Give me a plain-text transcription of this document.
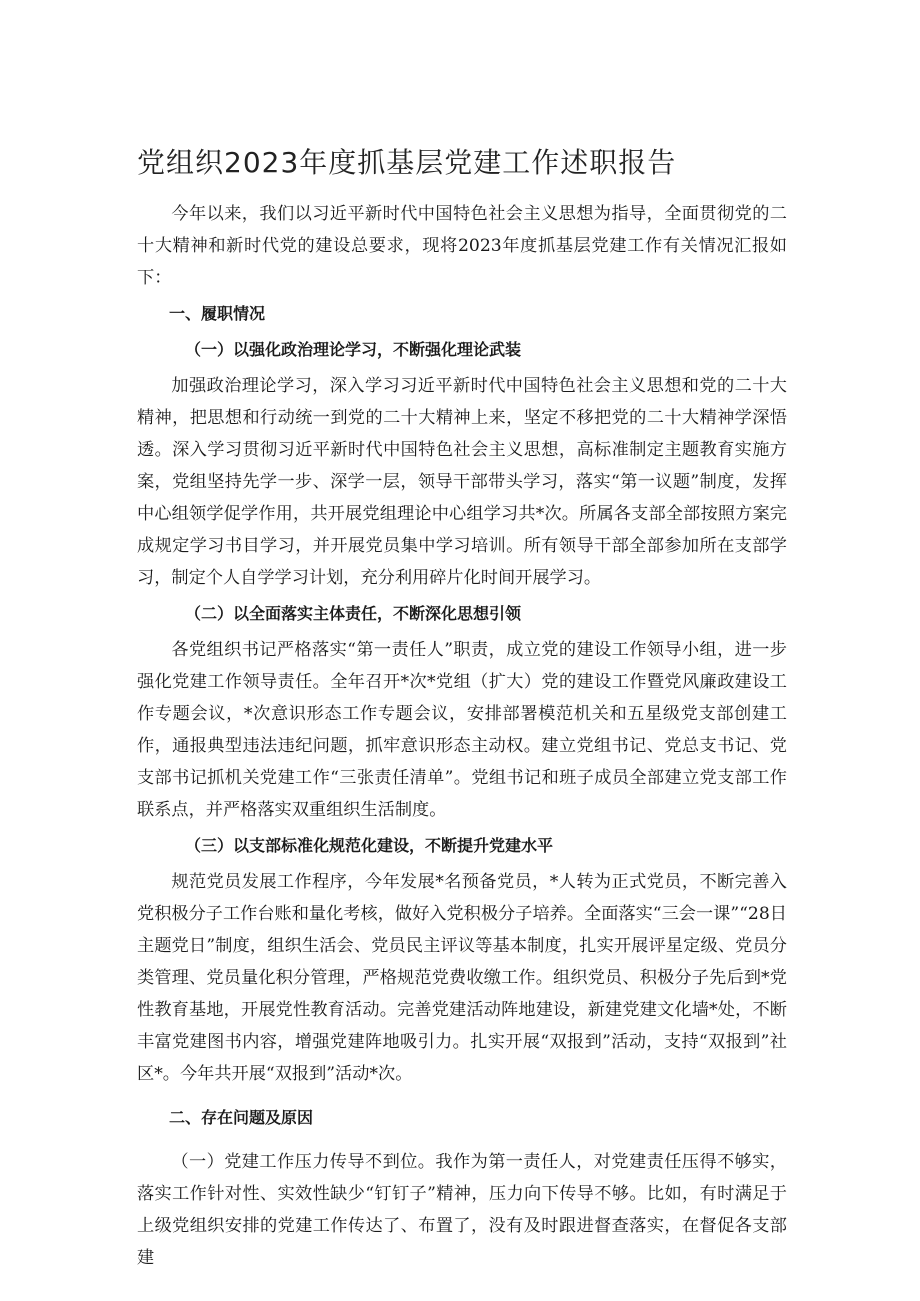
党组织2023年度抓基层党建工作述职报告

今年以来，我们以习近平新时代中国特色社会主义思想为指导，全面贯彻党的二十大精神和新时代党的建设总要求，现将2023年度抓基层党建工作有关情况汇报如下：

一、履职情况

（一）以强化政治理论学习，不断强化理论武装

加强政治理论学习，深入学习习近平新时代中国特色社会主义思想和党的二十大精神，把思想和行动统一到党的二十大精神上来，坚定不移把党的二十大精神学深悟透。深入学习贯彻习近平新时代中国特色社会主义思想，高标准制定主题教育实施方案，党组坚持先学一步、深学一层，领导干部带头学习，落实“第一议题”制度，发挥中心组领学促学作用，共开展党组理论中心组学习共*次。所属各支部全部按照方案完成规定学习书目学习，并开展党员集中学习培训。所有领导干部全部参加所在支部学习，制定个人自学学习计划，充分利用碎片化时间开展学习。

（二）以全面落实主体责任，不断深化思想引领

各党组织书记严格落实“第一责任人”职责，成立党的建设工作领导小组，进一步强化党建工作领导责任。全年召开*次*党组（扩大）党的建设工作暨党风廉政建设工作专题会议，*次意识形态工作专题会议，安排部署模范机关和五星级党支部创建工作，通报典型违法违纪问题，抓牢意识形态主动权。建立党组书记、党总支书记、党支部书记抓机关党建工作“三张责任清单”。党组书记和班子成员全部建立党支部工作联系点，并严格落实双重组织生活制度。

（三）以支部标准化规范化建设，不断提升党建水平

规范党员发展工作程序，今年发展*名预备党员，*人转为正式党员，不断完善入党积极分子工作台账和量化考核，做好入党积极分子培养。全面落实“三会一课”“28日主题党日”制度，组织生活会、党员民主评议等基本制度，扎实开展评星定级、党员分类管理、党员量化积分管理，严格规范党费收缴工作。组织党员、积极分子先后到*党性教育基地，开展党性教育活动。完善党建活动阵地建设，新建党建文化墙*处，不断丰富党建图书内容，增强党建阵地吸引力。扎实开展“双报到”活动，支持“双报到”社区*。今年共开展“双报到”活动*次。

二、存在问题及原因

（一）党建工作压力传导不到位。我作为第一责任人，对党建责任压得不够实，落实工作针对性、实效性缺少“钉钉子”精神，压力向下传导不够。比如，有时满足于上级党组织安排的党建工作传达了、布置了，没有及时跟进督查落实，在督促各支部建
